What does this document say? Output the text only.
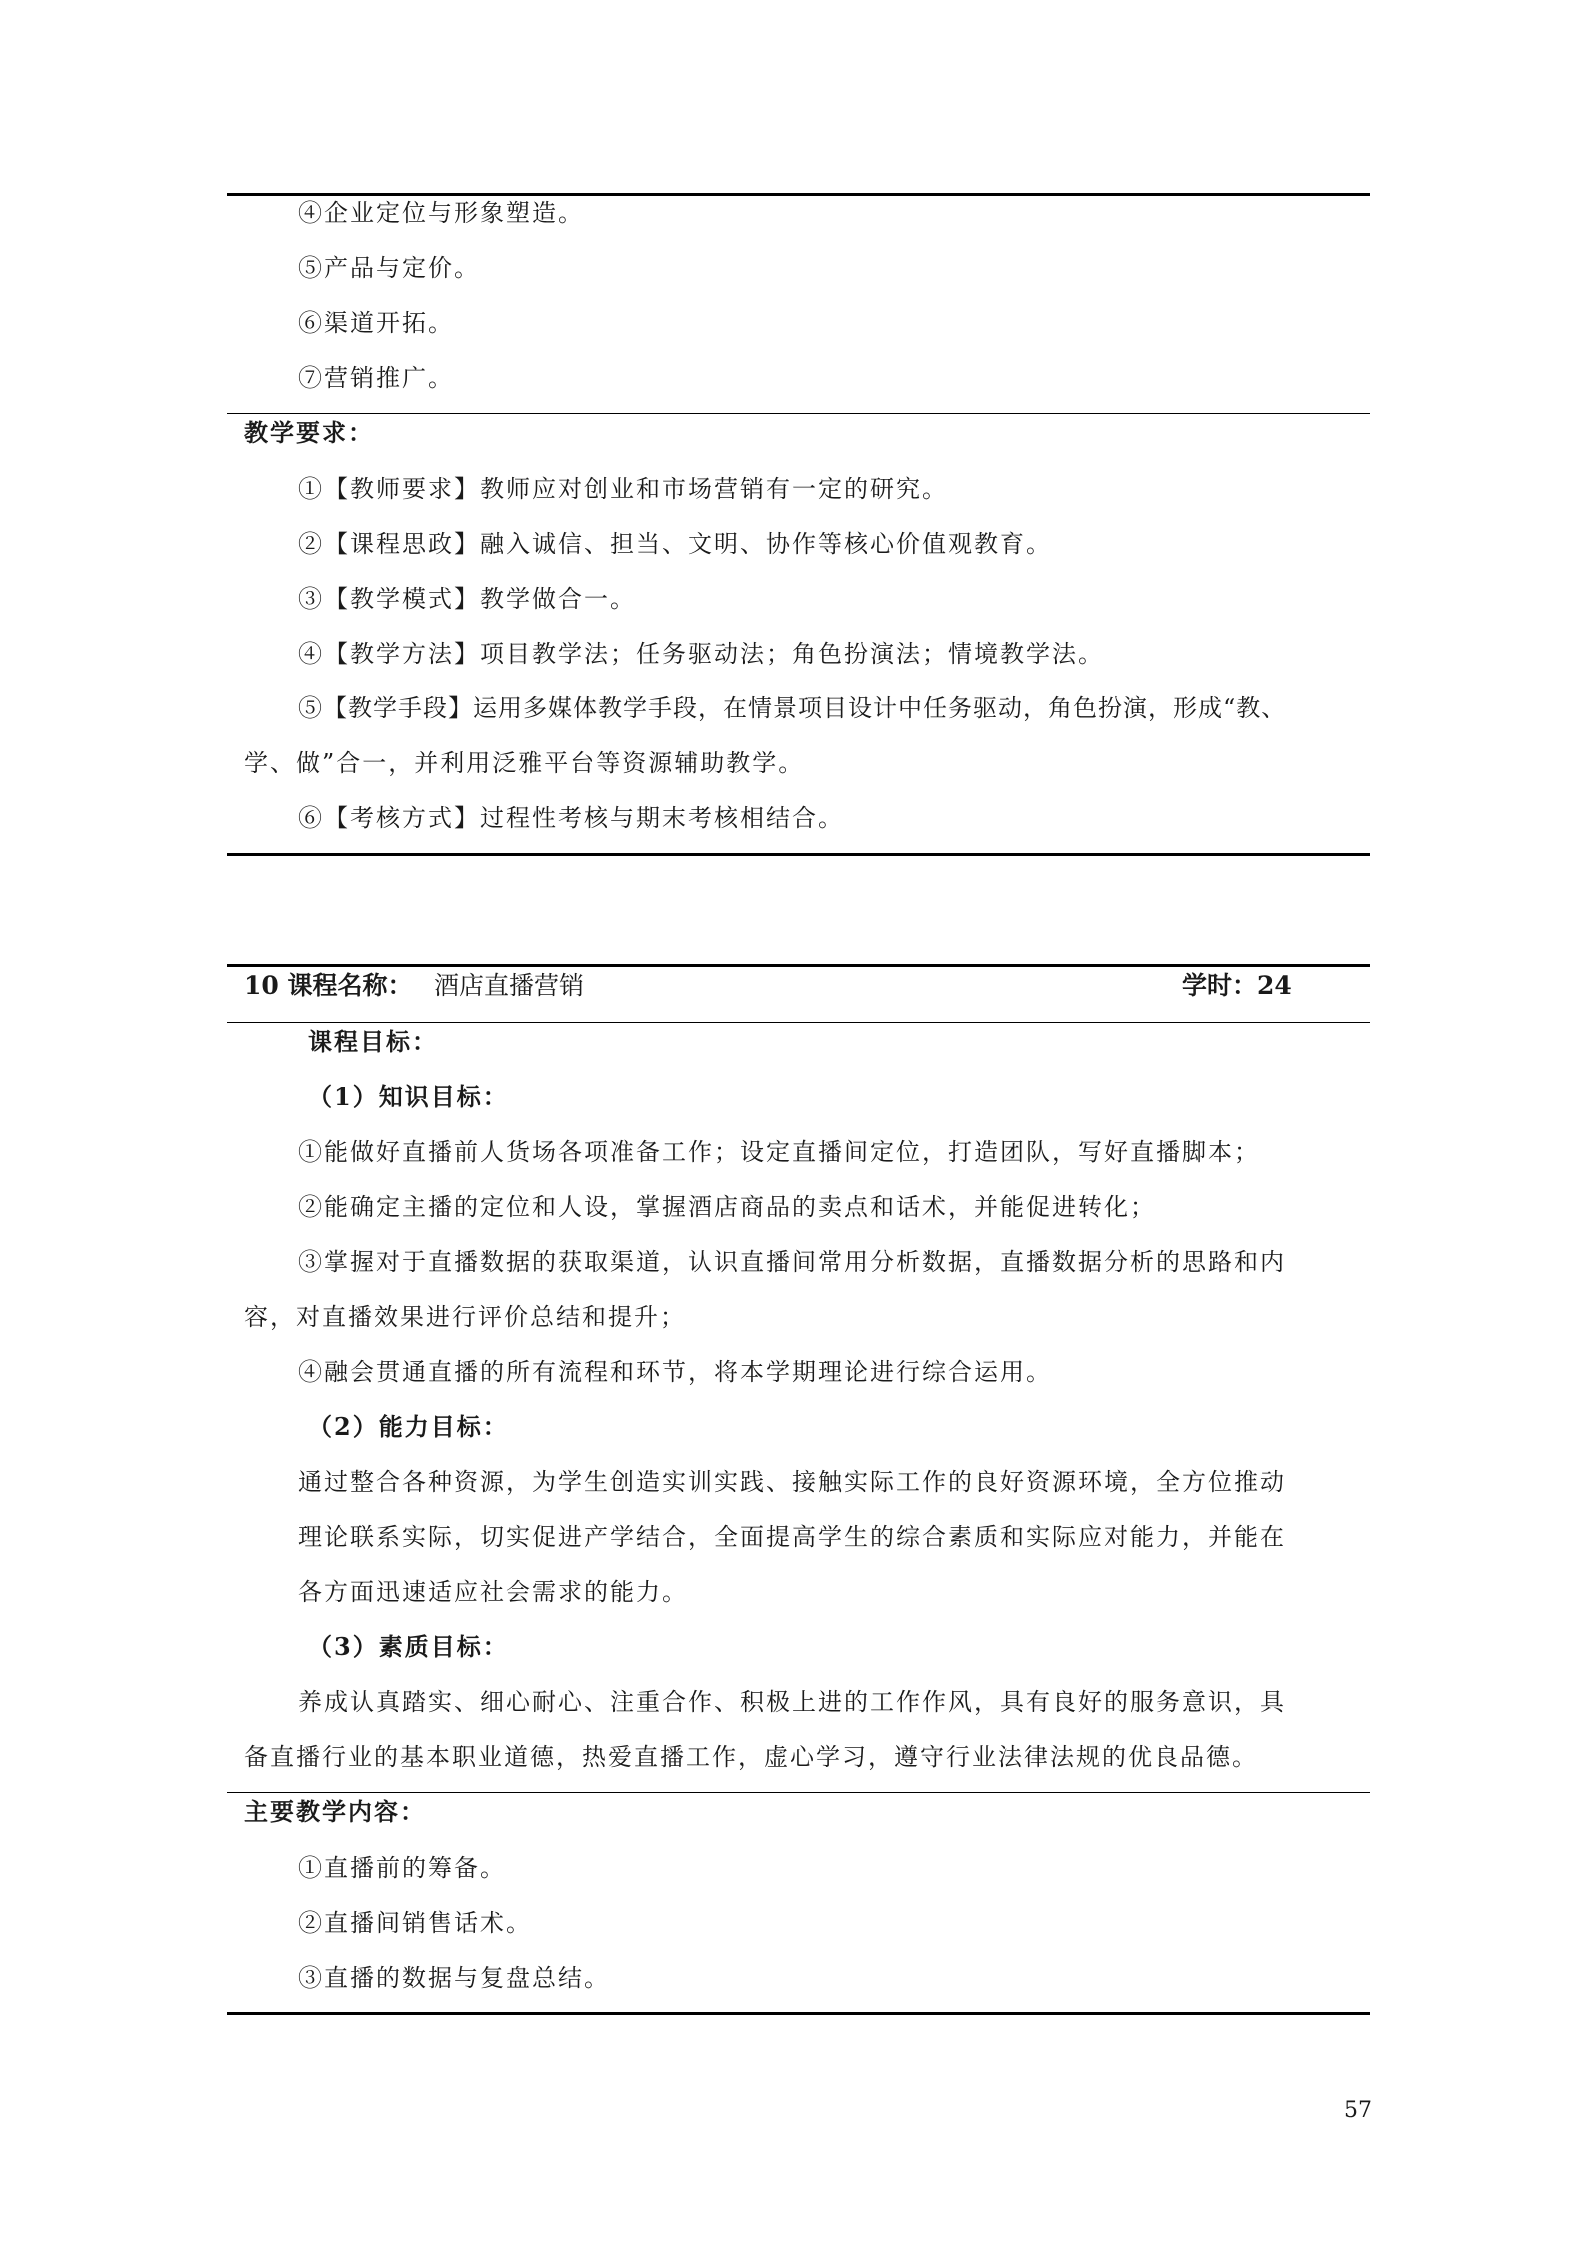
④企业定位与形象塑造。
⑤产品与定价。
⑥渠道开拓。
⑦营销推广。
教学要求：
①【教师要求】教师应对创业和市场营销有一定的研究。
②【课程思政】融入诚信、担当、文明、协作等核心价值观教育。
③【教学模式】教学做合一。
④【教学方法】项目教学法；任务驱动法；角色扮演法；情境教学法。
⑤【教学手段】运用多媒体教学手段，在情景项目设计中任务驱动，角色扮演，形成“教、
学、做”合一，并利用泛雅平台等资源辅助教学。
⑥【考核方式】过程性考核与期末考核相结合。
10 课程名称： 酒店直播营销	学时：24
课程目标：
（1）知识目标：
①能做好直播前人货场各项准备工作；设定直播间定位，打造团队，写好直播脚本；
②能确定主播的定位和人设，掌握酒店商品的卖点和话术，并能促进转化；
③掌握对于直播数据的获取渠道，认识直播间常用分析数据，直播数据分析的思路和内
容，对直播效果进行评价总结和提升；
④融会贯通直播的所有流程和环节，将本学期理论进行综合运用。
（2）能力目标：
通过整合各种资源，为学生创造实训实践、接触实际工作的良好资源环境，全方位推动
理论联系实际，切实促进产学结合，全面提高学生的综合素质和实际应对能力，并能在
各方面迅速适应社会需求的能力。
（3）素质目标：
养成认真踏实、细心耐心、注重合作、积极上进的工作作风，具有良好的服务意识，具
备直播行业的基本职业道德，热爱直播工作，虚心学习，遵守行业法律法规的优良品德。
主要教学内容：
①直播前的筹备。
②直播间销售话术。
③直播的数据与复盘总结。
57
